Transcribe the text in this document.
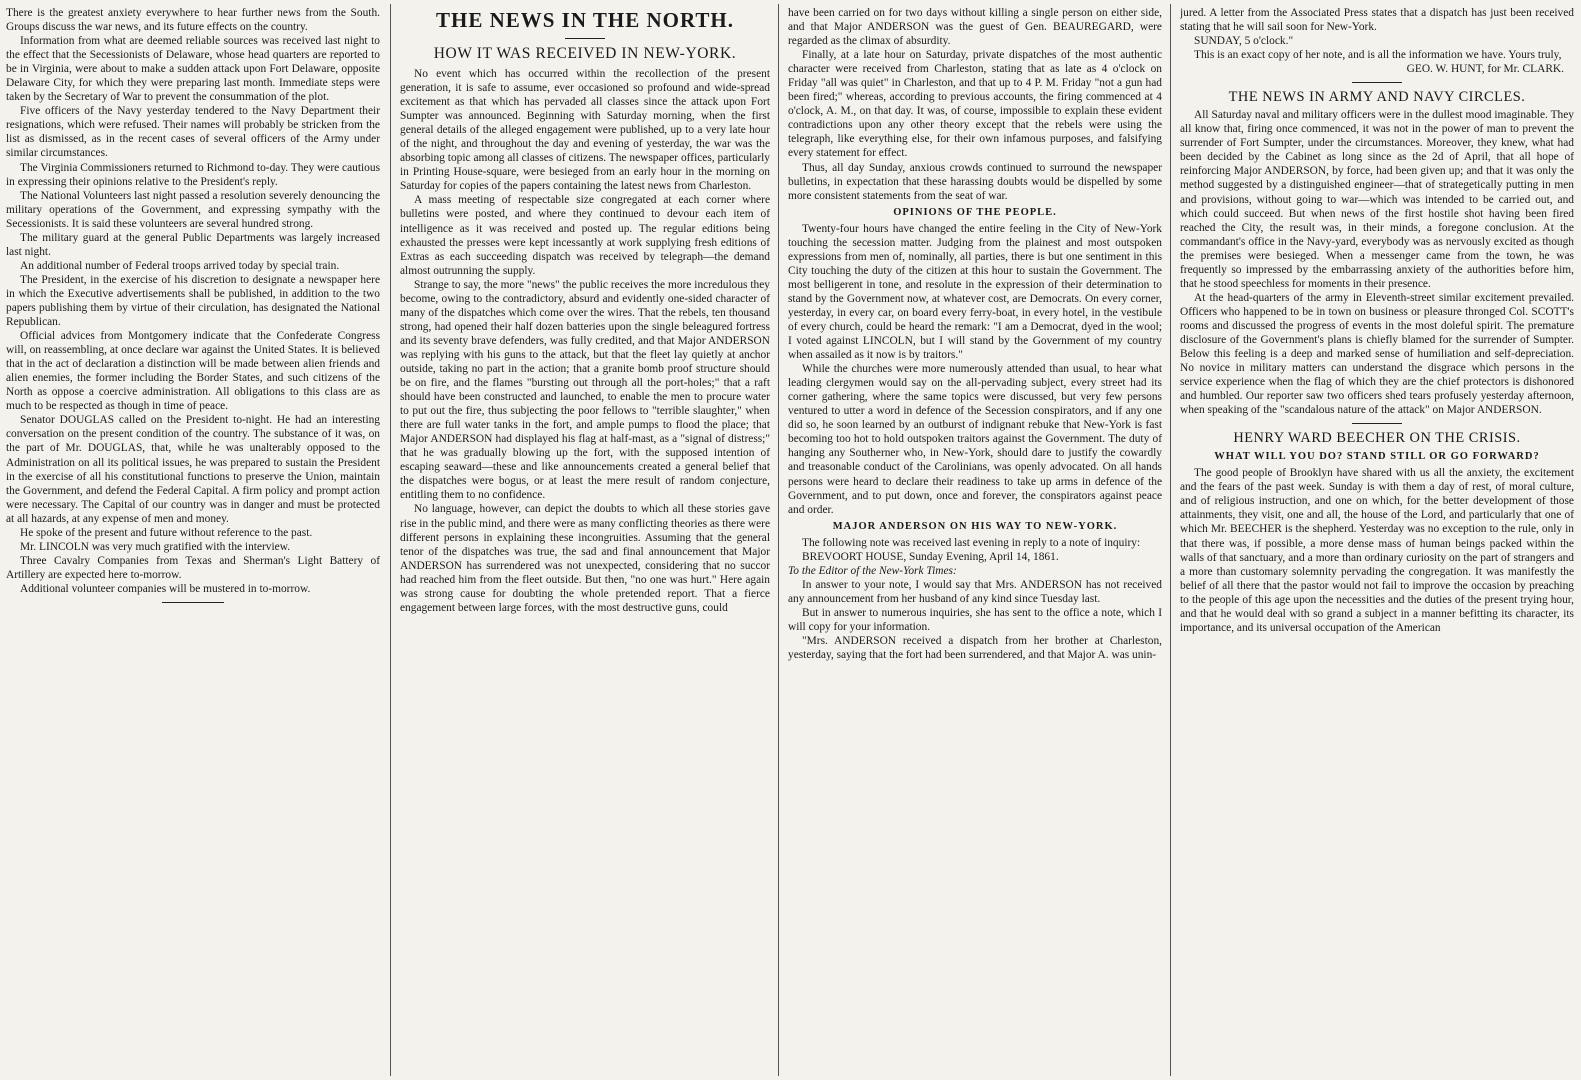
There is the greatest anxiety everywhere to hear further news from the South. Groups discuss the war news, and its future effects on the country.

Information from what are deemed reliable sources was received last night to the effect that the Secessionists of Delaware, whose head quarters are reported to be in Virginia, were about to make a sudden attack upon Fort Delaware, opposite Delaware City, for which they were preparing last month. Immediate steps were taken by the Secretary of War to prevent the consummation of the plot.

Five officers of the Navy yesterday tendered to the Navy Department their resignations, which were refused. Their names will probably be stricken from the list as dismissed, as in the recent cases of several officers of the Army under similar circumstances.

The Virginia Commissioners returned to Richmond to-day. They were cautious in expressing their opinions relative to the President's reply.

The National Volunteers last night passed a resolution severely denouncing the military operations of the Government, and expressing sympathy with the Secessionists. It is said these volunteers are several hundred strong.

The military guard at the general Public Departments was largely increased last night.

An additional number of Federal troops arrived today by special train.

The President, in the exercise of his discretion to designate a newspaper here in which the Executive advertisements shall be published, in addition to the two papers publishing them by virtue of their circulation, has designated the National Republican.

Official advices from Montgomery indicate that the Confederate Congress will, on reassembling, at once declare war against the United States. It is believed that in the act of declaration a distinction will be made between alien friends and alien enemies, the former including the Border States, and such citizens of the North as oppose a coercive administration. All obligations to this class are as much to be respected as though in time of peace.

Senator DOUGLAS called on the President to-night. He had an interesting conversation on the present condition of the country. The substance of it was, on the part of Mr. DOUGLAS, that, while he was unalterably opposed to the Administration on all its political issues, he was prepared to sustain the President in the exercise of all his constitutional functions to preserve the Union, maintain the Government, and defend the Federal Capital. A firm policy and prompt action were necessary. The Capital of our country was in danger and must be protected at all hazards, at any expense of men and money.

He spoke of the present and future without reference to the past.

Mr. LINCOLN was very much gratified with the interview.

Three Cavalry Companies from Texas and Sherman's Light Battery of Artillery are expected here to-morrow.

Additional volunteer companies will be mustered in to-morrow.

THE NEWS IN THE NORTH.
HOW IT WAS RECEIVED IN NEW-YORK.

No event which has occurred within the recollection of the present generation, it is safe to assume, ever occasioned so profound and wide-spread excitement as that which has pervaded all classes since the attack upon Fort Sumpter was announced. Beginning with Saturday morning, when the first general details of the alleged engagement were published, up to a very late hour of the night, and throughout the day and evening of yesterday, the war was the absorbing topic among all classes of citizens. The newspaper offices, particularly in Printing House-square, were besieged from an early hour in the morning on Saturday for copies of the papers containing the latest news from Charleston.

A mass meeting of respectable size congregated at each corner where bulletins were posted, and where they continued to devour each item of intelligence as it was received and posted up. The regular editions being exhausted the presses were kept incessantly at work supplying fresh editions of Extras as each succeeding dispatch was received by telegraph—the demand almost outrunning the supply.

Strange to say, the more "news" the public receives the more incredulous they become, owing to the contradictory, absurd and evidently one-sided character of many of the dispatches which come over the wires. That the rebels, ten thousand strong, had opened their half dozen batteries upon the single beleagured fortress and its seventy brave defenders, was fully credited, and that Major ANDERSON was replying with his guns to the attack, but that the fleet lay quietly at anchor outside, taking no part in the action; that a granite bomb proof structure should be on fire, and the flames "bursting out through all the port-holes;" that a raft should have been constructed and launched, to enable the men to procure water to put out the fire, thus subjecting the poor fellows to "terrible slaughter," when there are full water tanks in the fort, and ample pumps to flood the place; that Major ANDERSON had displayed his flag at half-mast, as a "signal of distress;" that he was gradually blowing up the fort, with the supposed intention of escaping seaward—these and like announcements created a general belief that the dispatches were bogus, or at least the mere result of random conjecture, entitling them to no confidence.

No language, however, can depict the doubts to which all these stories gave rise in the public mind, and there were as many conflicting theories as there were different persons in explaining these incongruities. Assuming that the general tenor of the dispatches was true, the sad and final announcement that Major ANDERSON has surrendered was not unexpected, considering that no succor had reached him from the fleet outside. But then, "no one was hurt." Here again was strong cause for doubting the whole pretended report. That a fierce engagement between large forces, with the most destructive guns, could

have been carried on for two days without killing a single person on either side, and that Major ANDERSON was the guest of Gen. BEAUREGARD, were regarded as the climax of absurdity.

Finally, at a late hour on Saturday, private dispatches of the most authentic character were received from Charleston, stating that as late as 4 o'clock on Friday "all was quiet" in Charleston, and that up to 4 P. M. Friday "not a gun had been fired;" whereas, according to previous accounts, the firing commenced at 4 o'clock, A. M., on that day. It was, of course, impossible to explain these evident contradictions upon any other theory except that the rebels were using the telegraph, like everything else, for their own infamous purposes, and falsifying every statement for effect.

Thus, all day Sunday, anxious crowds continued to surround the newspaper bulletins, in expectation that these harassing doubts would be dispelled by some more consistent statements from the seat of war.

OPINIONS OF THE PEOPLE.

Twenty-four hours have changed the entire feeling in the City of New-York touching the secession matter. Judging from the plainest and most outspoken expressions from men of, nominally, all parties, there is but one sentiment in this City touching the duty of the citizen at this hour to sustain the Government. The most belligerent in tone, and resolute in the expression of their determination to stand by the Government now, at whatever cost, are Democrats. On every corner, yesterday, in every car, on board every ferry-boat, in every hotel, in the vestibule of every church, could be heard the remark: "I am a Democrat, dyed in the wool; I voted against LINCOLN, but I will stand by the Government of my country when assailed as it now is by traitors."

While the churches were more numerously attended than usual, to hear what leading clergymen would say on the all-pervading subject, every street had its corner gathering, where the same topics were discussed, but very few persons ventured to utter a word in defence of the Secession conspirators, and if any one did so, he soon learned by an outburst of indignant rebuke that New-York is fast becoming too hot to hold outspoken traitors against the Government. The duty of hanging any Southerner who, in New-York, should dare to justify the cowardly and treasonable conduct of the Carolinians, was openly advocated. On all hands persons were heard to declare their readiness to take up arms in defence of the Government, and to put down, once and forever, the conspirators against peace and order.

MAJOR ANDERSON ON HIS WAY TO NEW-YORK.

The following note was received last evening in reply to a note of inquiry:

BREVOORT HOUSE, Sunday Evening, April 14, 1861.

To the Editor of the New-York Times:

In answer to your note, I would say that Mrs. ANDERSON has not received any announcement from her husband of any kind since Tuesday last.

But in answer to numerous inquiries, she has sent to the office a note, which I will copy for your information.

"Mrs. ANDERSON received a dispatch from her brother at Charleston, yesterday, saying that the fort had been surrendered, and that Major A. was unin-

jured. A letter from the Associated Press states that a dispatch has just been received stating that he will sail soon for New-York.

SUNDAY, 5 o'clock."

This is an exact copy of her note, and is all the information we have. Yours truly,

GEO. W. HUNT, for Mr. CLARK.

THE NEWS IN ARMY AND NAVY CIRCLES.

All Saturday naval and military officers were in the dullest mood imaginable. They all know that, firing once commenced, it was not in the power of man to prevent the surrender of Fort Sumpter, under the circumstances. Moreover, they knew, what had been decided by the Cabinet as long since as the 2d of April, that all hope of reinforcing Major ANDERSON, by force, had been given up; and that it was only the method suggested by a distinguished engineer—that of strategetically putting in men and provisions, without going to war—which was intended to be carried out, and which could succeed. But when news of the first hostile shot having been fired reached the City, the result was, in their minds, a foregone conclusion. At the commandant's office in the Navy-yard, everybody was as nervously excited as though the premises were besieged. When a messenger came from the town, he was frequently so impressed by the embarrassing anxiety of the authorities before him, that he stood speechless for moments in their presence.

At the head-quarters of the army in Eleventh-street similar excitement prevailed. Officers who happened to be in town on business or pleasure thronged Col. SCOTT's rooms and discussed the progress of events in the most doleful spirit. The premature disclosure of the Government's plans is chiefly blamed for the surrender of Sumpter. Below this feeling is a deep and marked sense of humiliation and self-depreciation. No novice in military matters can understand the disgrace which persons in the service experience when the flag of which they are the chief protectors is dishonored and humbled. Our reporter saw two officers shed tears profusely yesterday afternoon, when speaking of the "scandalous nature of the attack" on Major ANDERSON.

HENRY WARD BEECHER ON THE CRISIS.
WHAT WILL YOU DO? STAND STILL OR GO FORWARD?

The good people of Brooklyn have shared with us all the anxiety, the excitement and the fears of the past week. Sunday is with them a day of rest, of moral culture, and of religious instruction, and one on which, for the better development of those attainments, they visit, one and all, the house of the Lord, and particularly that one of which Mr. BEECHER is the shepherd. Yesterday was no exception to the rule, only in that there was, if possible, a more dense mass of human beings packed within the walls of that sanctuary, and a more than ordinary curiosity on the part of strangers and a more than customary solemnity pervading the congregation. It was manifestly the belief of all there that the pastor would not fail to improve the occasion by preaching to the people of this age upon the necessities and the duties of the present trying hour, and that he would deal with so grand a subject in a manner befitting its character, its importance, and its universal occupation of the American
